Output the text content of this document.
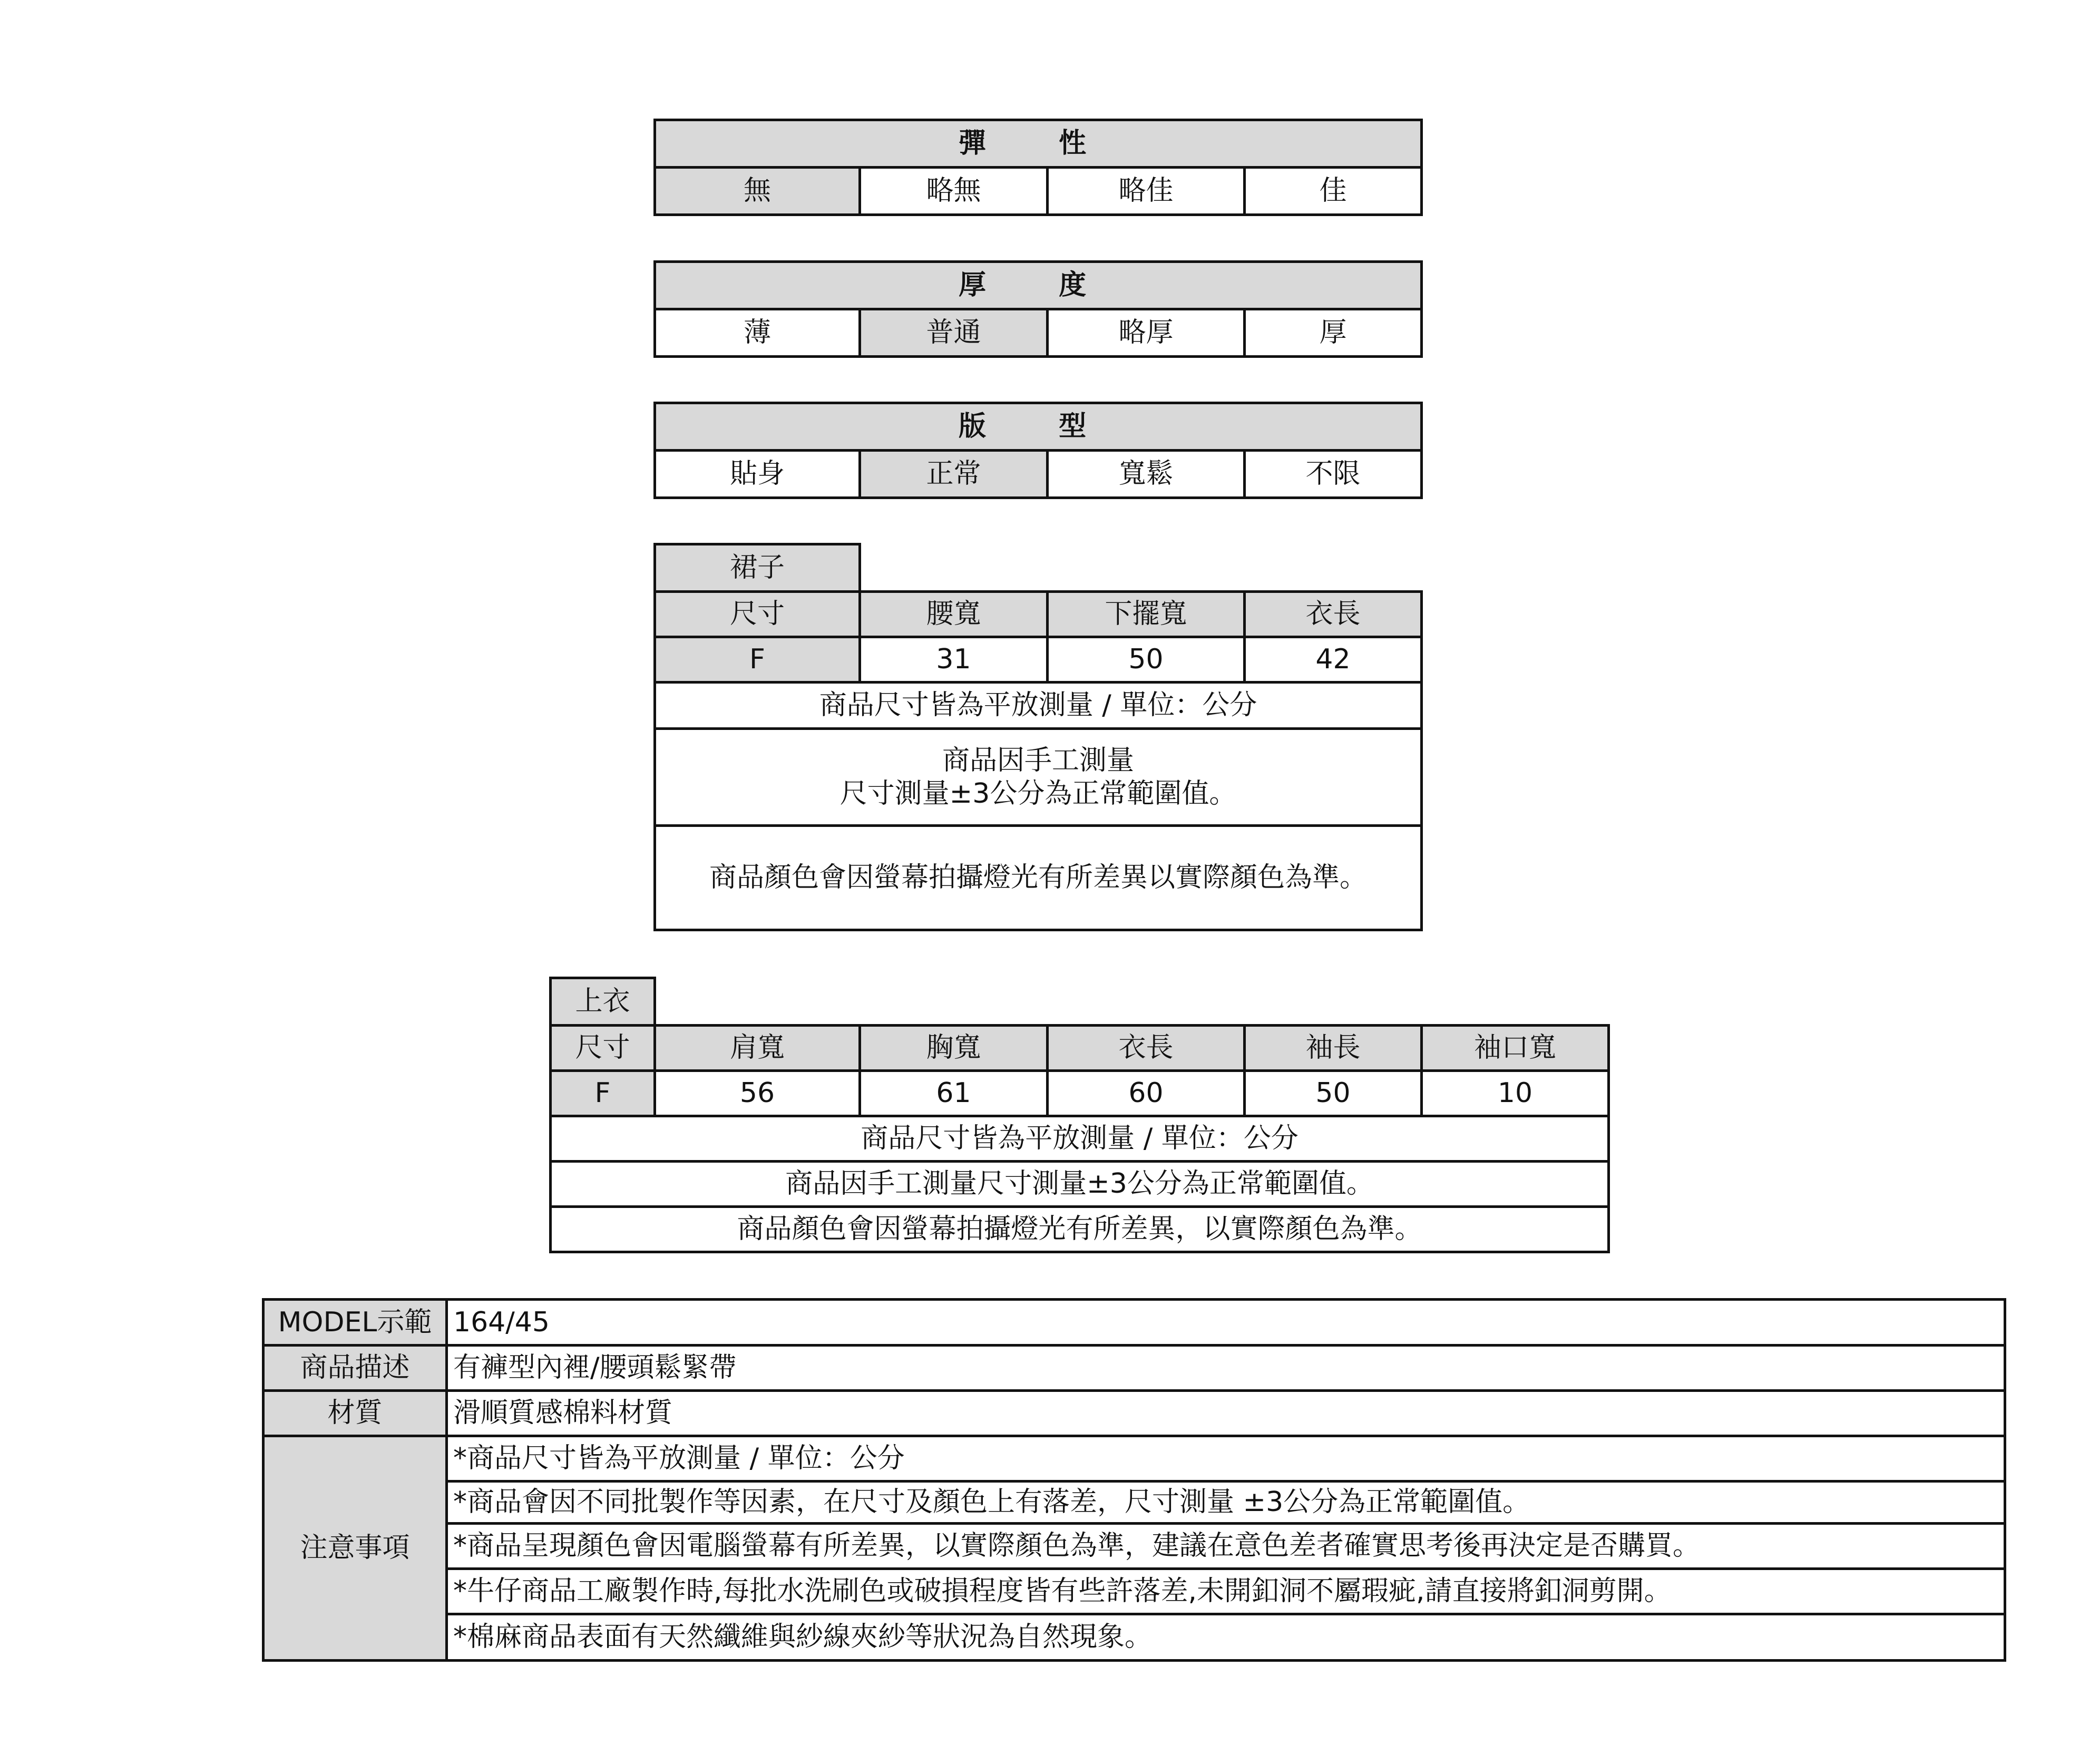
彈 性
無	略無	略佳	佳
厚 度
薄	普通	略厚	厚
版 型
貼身	正常	寬鬆	不限
裙子			
尺寸	腰寬	下擺寬	衣長
F	31	50	42
商品尺寸皆為平放測量 / 單位：公分			

商品因手工測量
尺寸測量±3公分為正常範圍值。			

商品顏色會因螢幕拍攝燈光有所差異以實際顏色為準。			
上衣					
尺寸	肩寬	胸寬	衣長	袖長	袖口寬
F	56	61	60	50	10
商品尺寸皆為平放測量 / 單位：公分					
商品因手工測量尺寸測量±3公分為正常範圍值。					
商品顏色會因螢幕拍攝燈光有所差異，以實際顏色為準。					
MODEL示範	164/45
商品描述	有褲型內裡/腰頭鬆緊帶
材質	滑順質感棉料材質
注意事項	*商品尺寸皆為平放測量 / 單位：公分
	*商品會因不同批製作等因素，在尺寸及顏色上有落差，尺寸測量 ±3公分為正常範圍值。
	*商品呈現顏色會因電腦螢幕有所差異，以實際顏色為準，建議在意色差者確實思考後再決定是否購買。
	*牛仔商品工廠製作時,每批水洗刷色或破損程度皆有些許落差,未開釦洞不屬瑕疵,請直接將釦洞剪開。
	*棉麻商品表面有天然纖維與紗線夾紗等狀況為自然現象。
